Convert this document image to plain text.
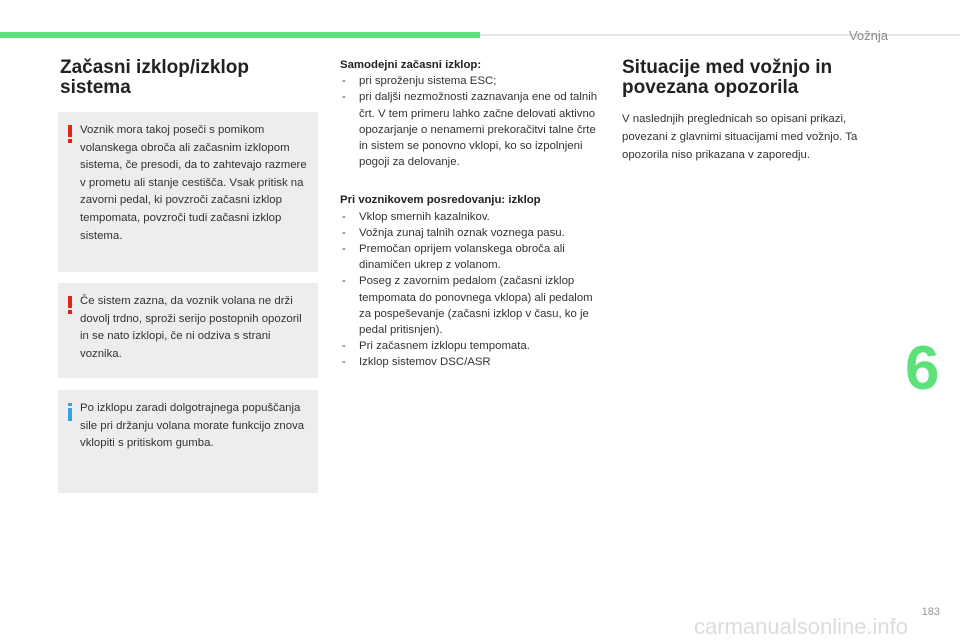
Vožnja
Začasni izklop/izklop
sistema
Voznik mora takoj poseči s pomikom volanskega obroča ali začasnim izklopom sistema, če presodi, da to zahtevajo razmere v prometu ali stanje cestišča. Vsak pritisk na zavorni pedal, ki povzroči začasni izklop tempomata, povzroči tudi začasni izklop sistema.
Če sistem zazna, da voznik volana ne drži dovolj trdno, sproži serijo postopnih opozoril in se nato izklopi, če ni odziva s strani voznika.
Po izklopu zaradi dolgotrajnega popuščanja sile pri držanju volana morate funkcijo znova vklopiti s pritiskom gumba.
Samodejni začasni izklop:
- pri sproženju sistema ESC;
- pri daljši nezmožnosti zaznavanja ene od talnih črt. V tem primeru lahko začne delovati aktivno opozarjanje o nenamerni prekoračitvi talne črte in sistem se ponovno vklopi, ko so izpolnjeni pogoji za delovanje.
Pri voznikovem posredovanju: izklop
- Vklop smernih kazalnikov.
- Vožnja zunaj talnih oznak voznega pasu.
- Premočan oprijem volanskega obroča ali dinamičen ukrep z volanom.
- Poseg z zavornim pedalom (začasni izklop tempomata do ponovnega vklopa) ali pedalom za pospeševanje (začasni izklop v času, ko je pedal pritisnjen).
- Pri začasnem izklopu tempomata.
- Izklop sistemov DSC/ASR
Situacije med vožnjo in
povezana opozorila
V naslednjih preglednicah so opisani prikazi, povezani z glavnimi situacijami med vožnjo. Ta opozorila niso prikazana v zaporedju.
6
183
carmanualsonline.info
